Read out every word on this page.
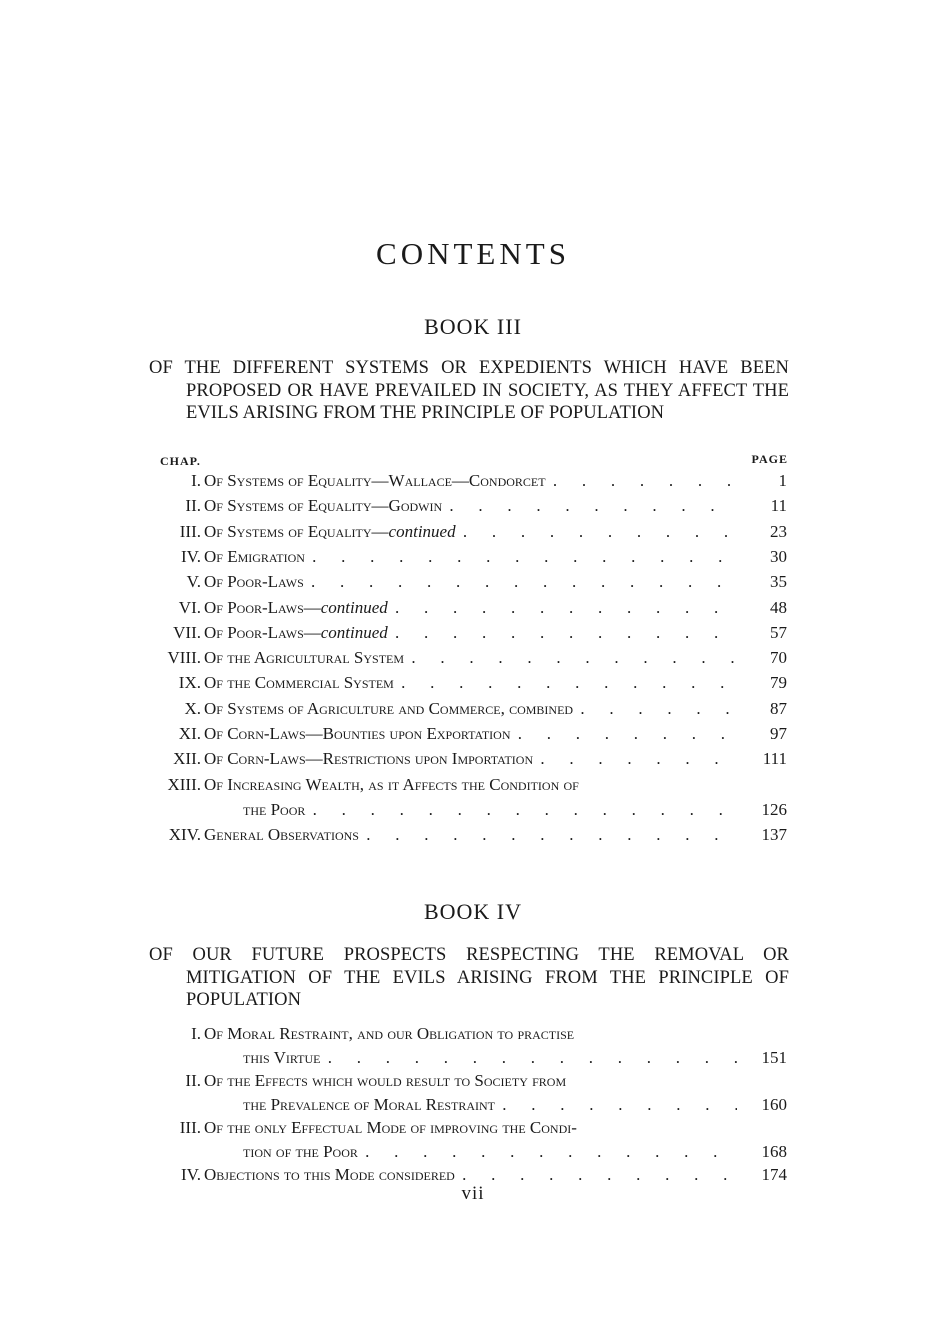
CONTENTS
BOOK III
OF THE DIFFERENT SYSTEMS OR EXPEDIENTS WHICH HAVE BEEN PROPOSED OR HAVE PREVAILED IN SOCIETY, AS THEY AFFECT THE EVILS ARISING FROM THE PRINCIPLE OF POPULATION
CHAP.	PAGE
I. Of Systems of Equality—Wallace—Condorcet . .	1
II. Of Systems of Equality—Godwin . .	11
III. Of Systems of Equality—continued . .	23
IV. Of Emigration . .	30
V. Of Poor-Laws . .	35
VI. Of Poor-Laws—continued . .	48
VII. Of Poor-Laws—continued . .	57
VIII. Of the Agricultural System . .	70
IX. Of the Commercial System . .	79
X. Of Systems of Agriculture and Commerce, combined . .	87
XI. Of Corn-Laws—Bounties upon Exportation . .	97
XII. Of Corn-Laws—Restrictions upon Importation . .	111
XIII. Of Increasing Wealth, as it Affects the Condition of
the Poor . .	126
XIV. General Observations . .	137
BOOK IV
OF OUR FUTURE PROSPECTS RESPECTING THE REMOVAL OR MITIGATION OF THE EVILS ARISING FROM THE PRINCIPLE OF POPULATION
I. Of Moral Restraint, and our Obligation to practise
this Virtue . .	151
II. Of the Effects which would result to Society from
the Prevalence of Moral Restraint . .	160
III. Of the only Effectual Mode of improving the Condi-
tion of the Poor . .	168
IV. Objections to this Mode considered . .	174
vii
